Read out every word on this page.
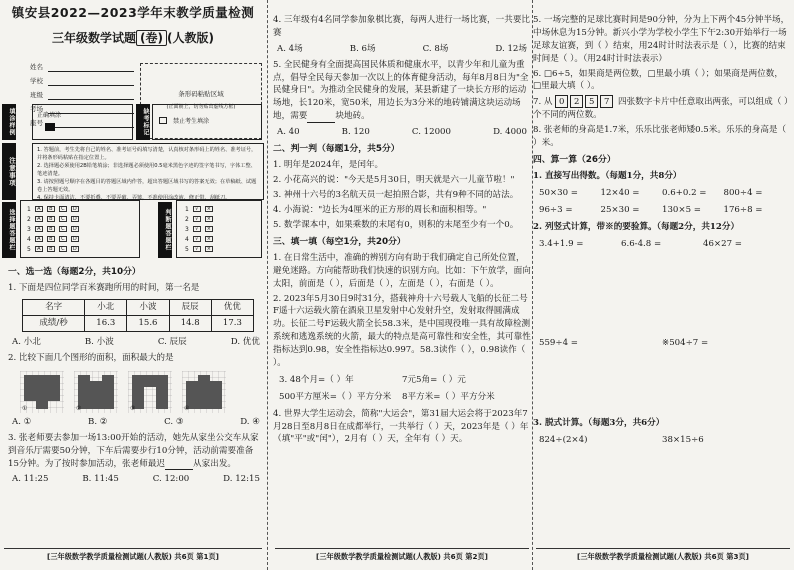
镇安县2022—2023学年末教学质量检测
三年级数学试题 (卷) (人教版)
姓名
学校
班级
考场
座号
条形码粘贴区域
(正面朝上，切勿贴出虚线方框)
填涂样例	正确填涂	缺考标记	禁止考生填涂
注意事项
1. 答题前，考生先将自己的姓名、准考证号码填写清楚，认真核对条形码上的姓名、准考证号，
并将条形码粘贴在指定位置上。
2. 选择题必须使用2B铅笔填涂；非选择题必须使用0.5毫米黑色字迹的签字笔书写，字体工整、笔迹清楚。
3. 请按照题号顺序在各题目的答题区域内作答，超出答题区域书写的答案无效；在草稿纸、试题卷上答题无效。
4. 保持卡面清洁，不要折叠、不要弄破、弄皱，不准使用涂改液、修正带、刮纸刀。
选择题答题栏 1	A	B	C	D
2	A	B	C	D
3	A	B	C	D
4	A	B	C	D
5	A	B	C	D	判断题答题栏 1	√	×
2	√	×
3	√	×
4	√	×
5	√	×
一、选一选（每题2分，共10分）
1. 下面是四位同学百米赛跑所用的时间，第一名是
名字	小北	小波	辰辰	优优
成绩/秒	16.3	15.6	14.8	17.3
A. 小北	B. 小波	C. 辰辰	D. 优优
2. 比较下面几个图形的面积，面积最大的是
①	②	③	④
A. ①	B. ②	C. ③	D. ④
3. 张老师要去参加一场13:00开始的活动，她先从家坐公交车从家到音乐厅需要50分钟，下车后需要步行10分钟，活动前需要准备15分钟。为了按时参加活动，张老师最迟	从家出发。
A. 11:25	B. 11:45	C. 12:00	D. 12:15
[三年级数学教学质量检测试题(人教版) 共6页 第1页]
4. 三年级有4名同学参加象棋比赛，每两人进行一场比赛，一共要比赛
A. 4场	B. 6场	C. 8场	D. 12场
5. 全民健身有全面提高国民体质和健康水平，以青少年和儿童为重点，倡导全民每天参加一次以上的体育健身活动，每年8月8日为"全民健身日"。为推动全民健身的发展，某县新建了一块长方形的运动场地，长120米，宽50米，用边长为3分米的地砖铺满这块运动场地，需要	块地砖。
A. 40	B. 120	C. 12000	D. 4000
二、判一判（每题1分，共5分）
1. 明年是2024年，是闰年。
2. 小花高兴的说："今天是5月30日，明天就是六一儿童节啦！"
3. 神州十六号的3名航天员一起拍照合影，共有9种不同的站法。
4. 小海说："边长为4厘米的正方形的周长和面积相等。"
5. 数学课本中，如果乘数的末尾有0，则积的末尾至少有一个0。
三、填一填（每空1分，共20分）
1. 在日常生活中，准确的辨别方向有助于我们确定自己所处位置，避免迷路。方向能帮助我们快速的识别方向。比如：下午放学，面向太阳，前面是（ ），后面是（ ），左面是（ ），右面是（ ）。
2. 2023年5月30日9时31分，搭载神舟十六号载人飞船的长征二号F遥十六运载火箭在酒泉卫星发射中心发射升空，发射取得圆满成功。长征二号F运载火箭全长58.3米，是中国现役唯一具有故障检测系统和逃逸系统的火箭，最大的特点是高可靠性和安全性，其可靠性指标达到0.98，安全性指标达0.997。58.3读作（ ），0.98读作（ ）。
3. 48个月=（ ）年	7元5角=（ ）元
500平方厘米=（ ）平方分米	8平方米=（ ）平方分米
4. 世界大学生运动会，简称"大运会"，第31届大运会将于2023年7月28日至8月8日在成都举行，一共举行（ ）天，2023年是（ ）年（填"平"或"闰"），2月有（ ）天，全年有（ ）天。
[三年级数学教学质量检测试题(人教版) 共6页 第2页]
5. 一场完整的足球比赛时间是90分钟，分为上下两个45分钟半场，中场休息为15分钟。新兴小学为学校小学生下午2:30开始举行一场足球友谊赛，到（ ）结束，用24时计时法表示是（ ），比赛的结束时间是（ ）。（用24时计时法表示）
6. □6÷5，如果商是两位数，□里最小填（ ）；如果商是两位数，□里最大填（ ）。
7. 从 0 2 5 7 四张数字卡片中任意取出两张，可以组成（ ）个不同的两位数。
8. 张老师的身高是1.7米，乐乐比张老师矮0.5米。乐乐的身高是（ ）米。
四、算一算（26分）
1. 直接写出得数。（每题1分，共8分）
50×30 =	12×40 =	0.6+0.2 =	800÷4 =
96÷3 =	25×30 =	130×5 =	176÷8 =
2. 列竖式计算，带※的要验算。（每题2分，共12分）
3.4+1.9 =	6.6-4.8 =	46×27 =
559÷4 =	※504÷7 =
3. 脱式计算。（每题3分，共6分）
824÷(2×4)	38×15÷6
[三年级数学教学质量检测试题(人教版) 共6页 第3页]
